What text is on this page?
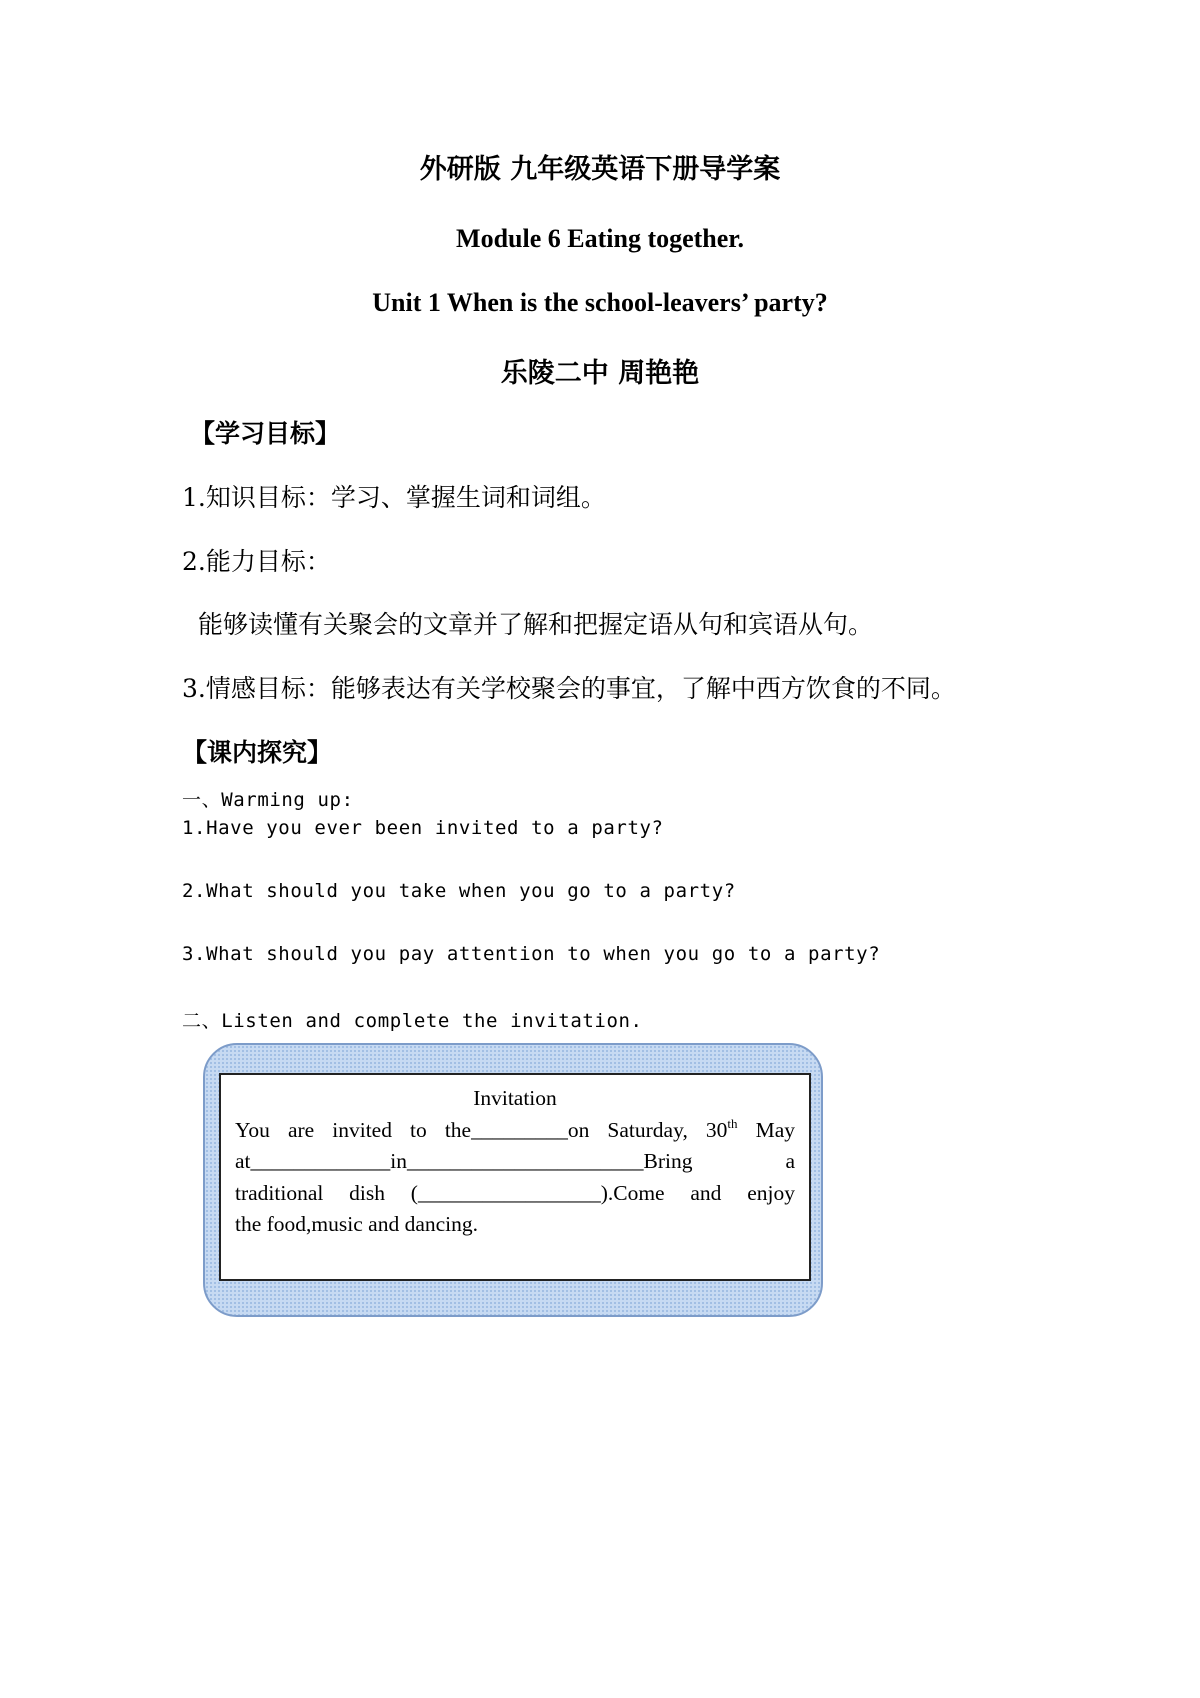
外研版 九年级英语下册导学案
Module 6 Eating together.
Unit 1 When is the school-leavers’ party?
乐陵二中 周艳艳
【学习目标】
1.知识目标：学习、掌握生词和词组。
2.能力目标：
能够读懂有关聚会的文章并了解和把握定语从句和宾语从句。
3.情感目标：能够表达有关学校聚会的事宜，了解中西方饮食的不同。
【课内探究】
一、Warming up:
1.Have you ever been invited to a party?
2.What should you take when you go to a party?
3.What should you pay attention to when you go to a party?
二、Listen and complete the invitation.
Invitation
You are invited to the_________on Saturday, 30th May
at_____________in______________________Bring	a
traditional dish (_________________).Come and enjoy
the food,music and dancing.
